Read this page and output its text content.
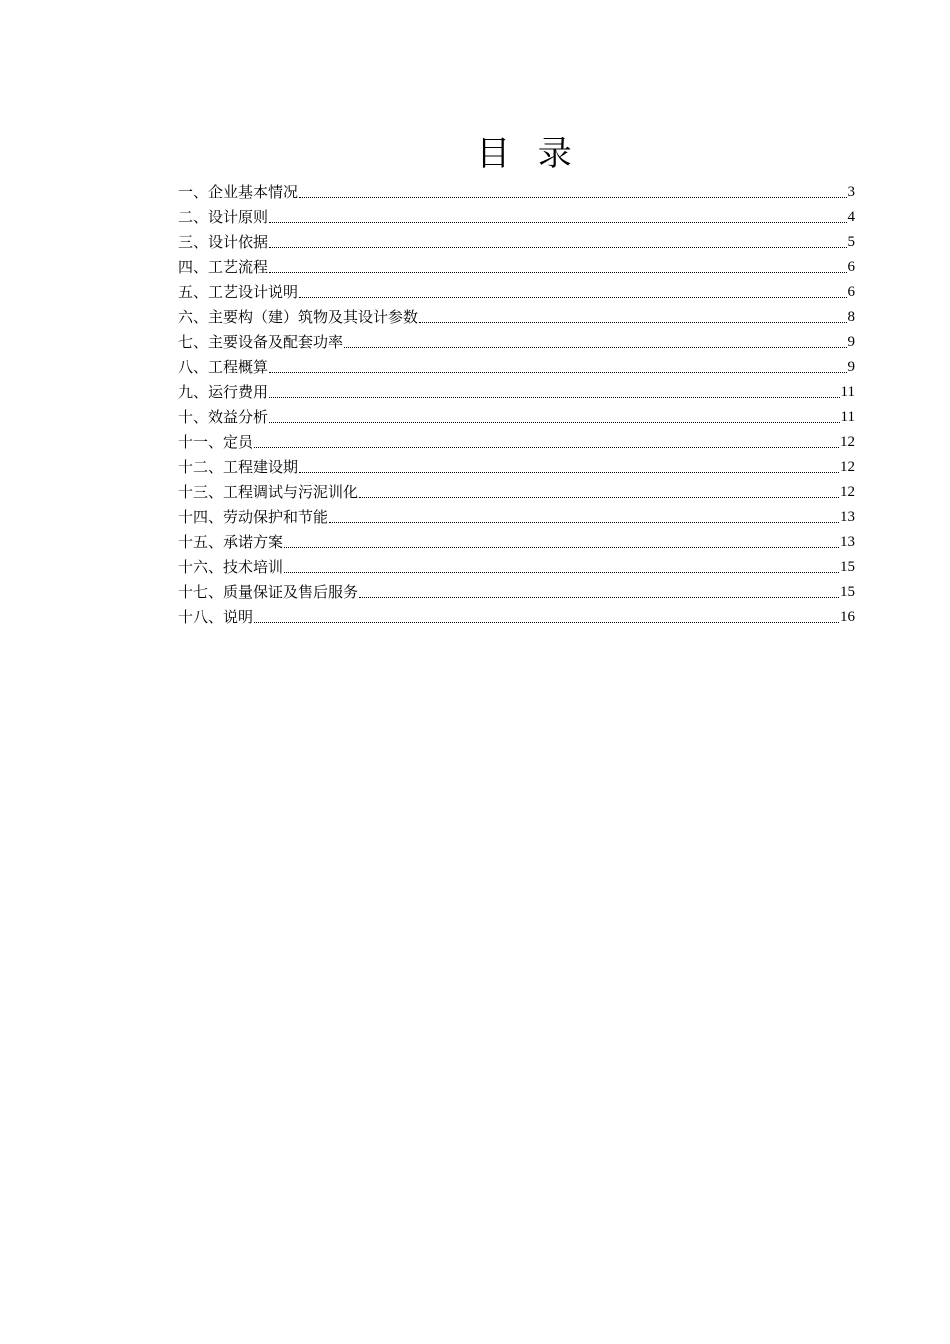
目  录
一、企业基本情况	3
二、设计原则	4
三、设计依据	5
四、工艺流程	6
五、工艺设计说明	6
六、主要构（建）筑物及其设计参数	8
七、主要设备及配套功率	9
八、工程概算	9
九、运行费用	11
十、效益分析	11
十一、定员	12
十二、工程建设期	12
十三、工程调试与污泥训化	12
十四、劳动保护和节能	13
十五、承诺方案	13
十六、技术培训	15
十七、质量保证及售后服务	15
十八、说明	16
